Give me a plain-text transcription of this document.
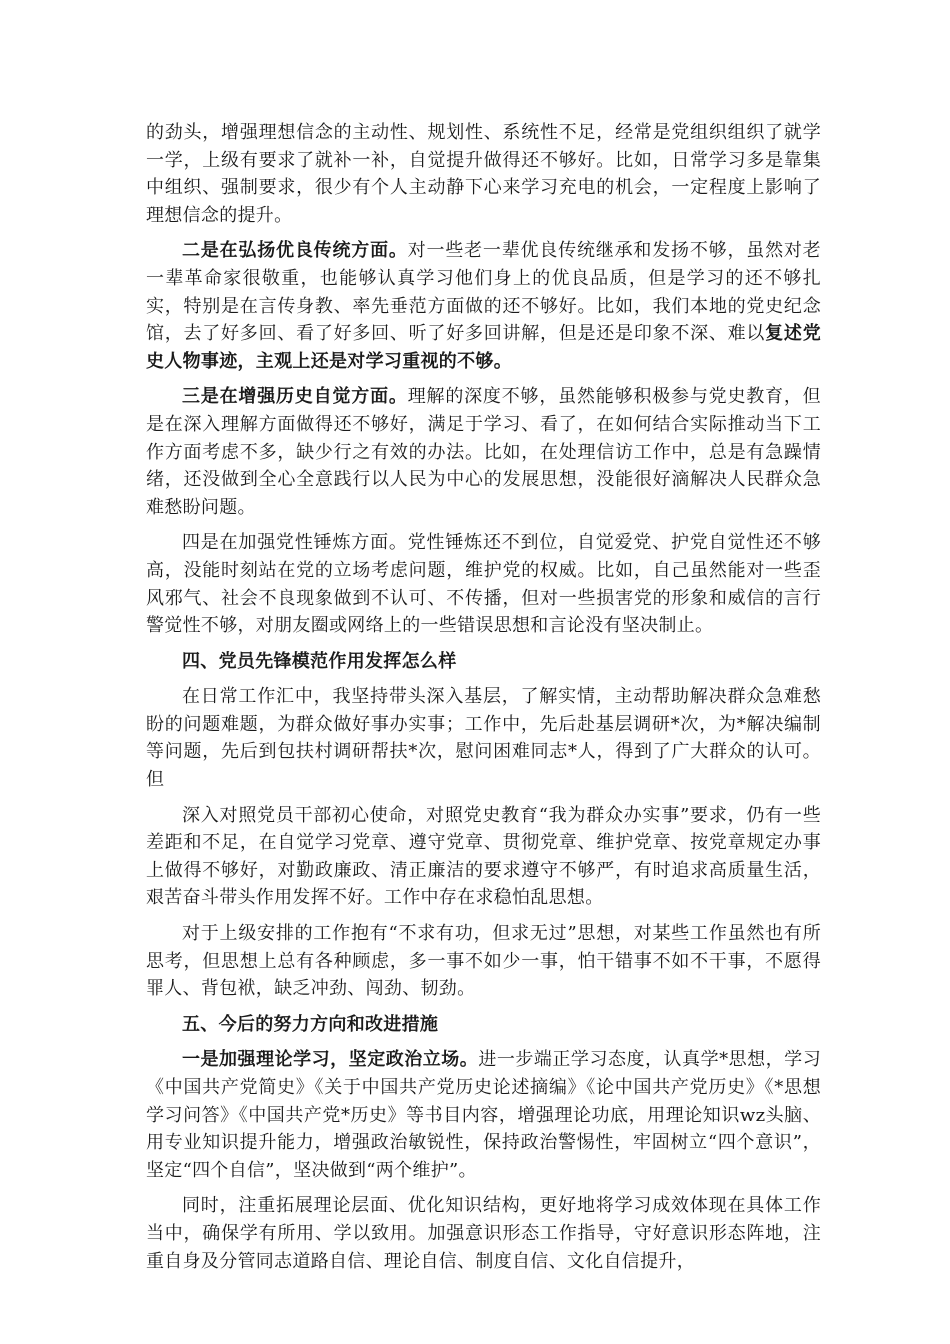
的劲头，增强理想信念的主动性、规划性、系统性不足，经常是党组织组织了就学一学，上级有要求了就补一补，自觉提升做得还不够好。比如，日常学习多是靠集中组织、强制要求，很少有个人主动静下心来学习充电的机会，一定程度上影响了理想信念的提升。

二是在弘扬优良传统方面。对一些老一辈优良传统继承和发扬不够，虽然对老一辈革命家很敬重，也能够认真学习他们身上的优良品质，但是学习的还不够扎实，特别是在言传身教、率先垂范方面做的还不够好。比如，我们本地的党史纪念馆，去了好多回、看了好多回、听了好多回讲解，但是还是印象不深、难以复述党史人物事迹，主观上还是对学习重视的不够。

三是在增强历史自觉方面。理解的深度不够，虽然能够积极参与党史教育，但是在深入理解方面做得还不够好，满足于学习、看了，在如何结合实际推动当下工作方面考虑不多，缺少行之有效的办法。比如，在处理信访工作中，总是有急躁情绪，还没做到全心全意践行以人民为中心的发展思想，没能很好滴解决人民群众急难愁盼问题。

四是在加强党性锤炼方面。党性锤炼还不到位，自觉爱党、护党自觉性还不够高，没能时刻站在党的立场考虑问题，维护党的权威。比如，自己虽然能对一些歪风邪气、社会不良现象做到不认可、不传播，但对一些损害党的形象和威信的言行警觉性不够，对朋友圈或网络上的一些错误思想和言论没有坚决制止。

四、党员先锋模范作用发挥怎么样

在日常工作汇中，我坚持带头深入基层，了解实情，主动帮助解决群众急难愁盼的问题难题，为群众做好事办实事；工作中，先后赴基层调研*次，为*解决编制等问题，先后到包扶村调研帮扶*次，慰问困难同志*人，得到了广大群众的认可。但

深入对照党员干部初心使命，对照党史教育“我为群众办实事”要求，仍有一些差距和不足，在自觉学习党章、遵守党章、贯彻党章、维护党章、按党章规定办事上做得不够好，对勤政廉政、清正廉洁的要求遵守不够严，有时追求高质量生活，艰苦奋斗带头作用发挥不好。工作中存在求稳怕乱思想。

对于上级安排的工作抱有“不求有功，但求无过”思想，对某些工作虽然也有所思考，但思想上总有各种顾虑，多一事不如少一事，怕干错事不如不干事，不愿得罪人、背包袱，缺乏冲劲、闯劲、韧劲。

五、今后的努力方向和改进措施

一是加强理论学习，坚定政治立场。进一步端正学习态度，认真学*思想，学习《中国共产党简史》《关于中国共产党历史论述摘编》《论中国共产党历史》《*思想学习问答》《中国共产党*历史》等书目内容，增强理论功底，用理论知识wz头脑、用专业知识提升能力，增强政治敏锐性，保持政治警惕性，牢固树立“四个意识”，坚定“四个自信”，坚决做到“两个维护”。

同时，注重拓展理论层面、优化知识结构，更好地将学习成效体现在具体工作当中，确保学有所用、学以致用。加强意识形态工作指导，守好意识形态阵地，注重自身及分管同志道路自信、理论自信、制度自信、文化自信提升，
